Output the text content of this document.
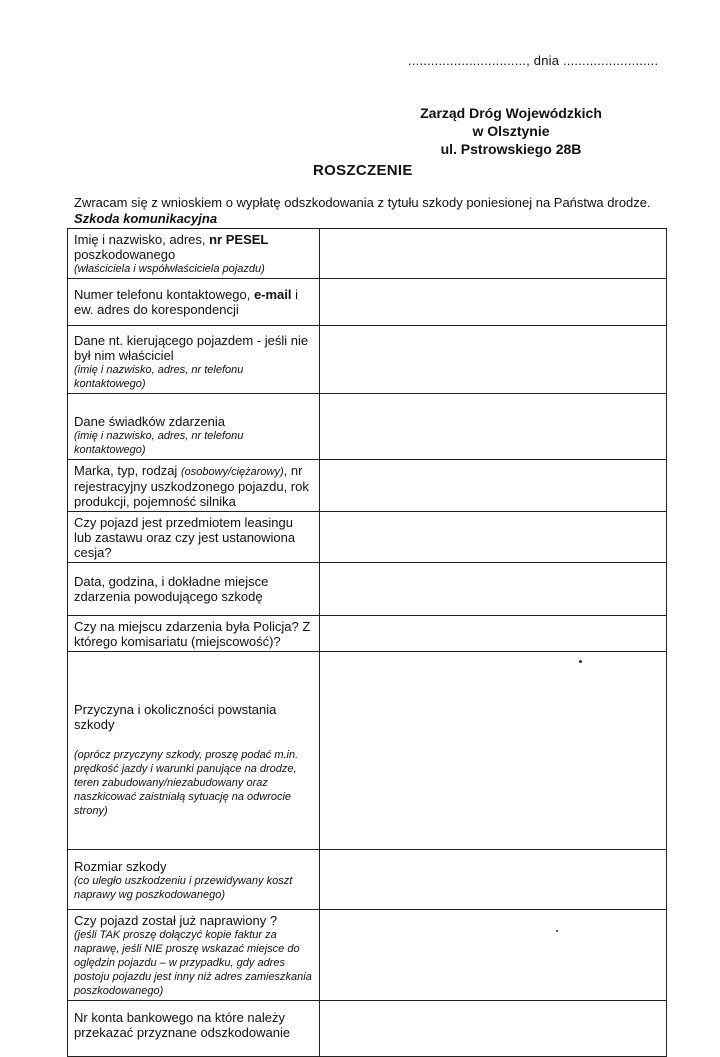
..............................., dnia .........................
Zarząd Dróg Wojewódzkich
w Olsztynie
ul. Pstrowskiego 28B
ROSZCZENIE
Zwracam się z wnioskiem o wypłatę odszkodowania z tytułu szkody poniesionej na Państwa drodze.
Szkoda komunikacyjna
Imię i nazwisko, adres, nr PESEL poszkodowanego
(właściciela i współwłaściciela pojazdu)	

Numer telefonu kontaktowego, e-mail i ew. adres do korespondencji	

Dane nt. kierującego pojazdem - jeśli nie był nim właściciel
(imię i nazwisko, adres, nr telefonu kontaktowego)	

Dane świadków zdarzenia
(imię i nazwisko, adres, nr telefonu kontaktowego)	

Marka, typ, rodzaj (osobowy/ciężarowy), nr rejestracyjny uszkodzonego pojazdu, rok produkcji, pojemność silnika	

Czy pojazd jest przedmiotem leasingu lub zastawu oraz czy jest ustanowiona cesja?	

Data, godzina, i dokładne miejsce zdarzenia powodującego szkodę	

Czy na miejscu zdarzenia była Policja? Z którego komisariatu (miejscowość)?	

Przyczyna i okoliczności powstania szkody
(oprócz przyczyny szkody, proszę podać m.in. prędkość jazdy i warunki panujące na drodze, teren zabudowany/niezabudowany oraz naszkicować zaistniałą sytuację na odwrocie strony)	

Rozmiar szkody
(co uległo uszkodzeniu i przewidywany koszt naprawy wg poszkodowanego)	

Czy pojazd został już naprawiony ?
(jeśli TAK proszę dołączyć kopie faktur za naprawę, jeśli NIE proszę wskazać miejsce do oględzin pojazdu – w przypadku, gdy adres postoju pojazdu jest inny niż adres zamieszkania poszkodowanego)	

Nr konta bankowego na które należy przekazać przyznane odszkodowanie	
